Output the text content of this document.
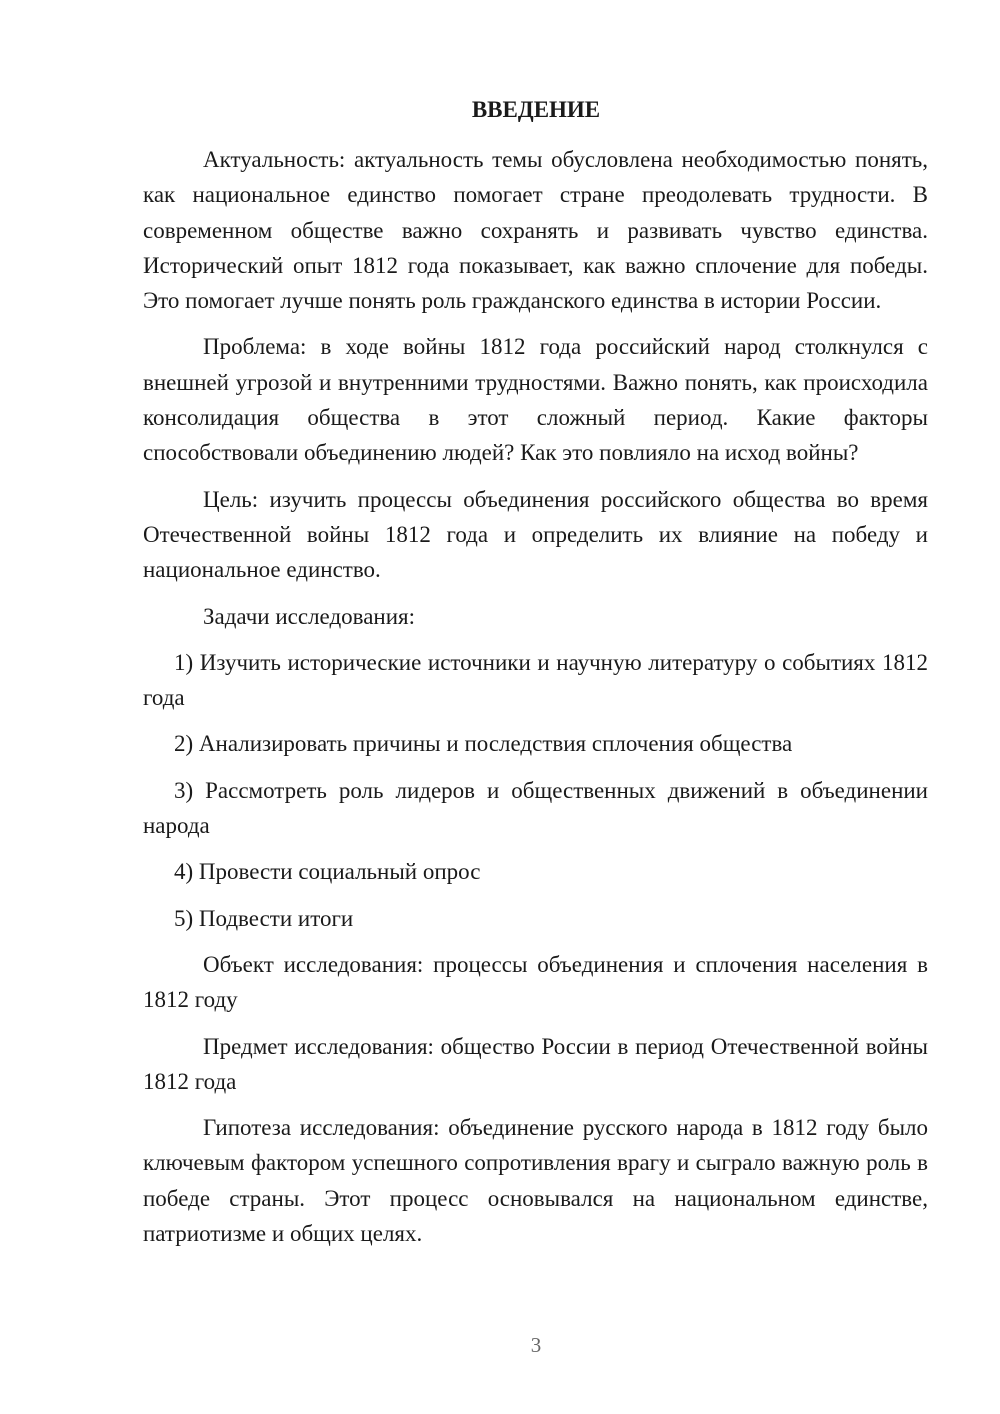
ВВЕДЕНИЕ

Актуальность: актуальность темы обусловлена необходимостью понять, как национальное единство помогает стране преодолевать трудности. В современном обществе важно сохранять и развивать чувство единства. Исторический опыт 1812 года показывает, как важно сплочение для победы. Это помогает лучше понять роль гражданского единства в истории России.

Проблема: в ходе войны 1812 года российский народ столкнулся с внешней угрозой и внутренними трудностями. Важно понять, как происходила консолидация общества в этот сложный период. Какие факторы способствовали объединению людей? Как это повлияло на исход войны?

Цель: изучить процессы объединения российского общества во время Отечественной войны 1812 года и определить их влияние на победу и национальное единство.

Задачи исследования:

1) Изучить исторические источники и научную литературу о событиях 1812 года

2) Анализировать причины и последствия сплочения общества

3) Рассмотреть роль лидеров и общественных движений в объединении народа

4) Провести социальный опрос

5) Подвести итоги

Объект исследования: процессы объединения и сплочения населения в 1812 году

Предмет исследования: общество России в период Отечественной войны 1812 года

Гипотеза исследования: объединение русского народа в 1812 году было ключевым фактором успешного сопротивления врагу и сыграло важную роль в победе страны. Этот процесс основывался на национальном единстве, патриотизме и общих целях.

3
